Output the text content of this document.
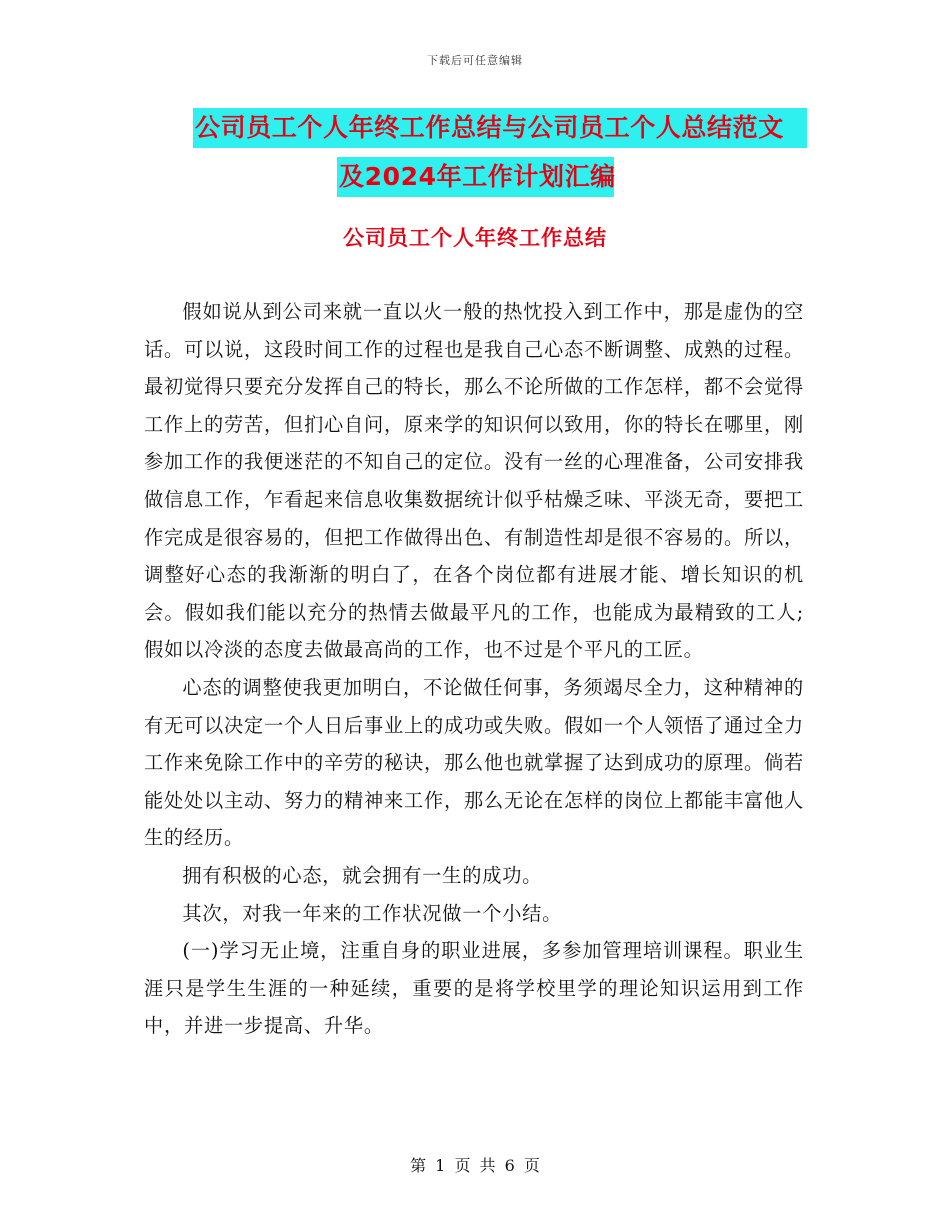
下载后可任意编辑
公司员工个人年终工作总结与公司员工个人总结范文
及2024年工作计划汇编
公司员工个人年终工作总结

假如说从到公司来就一直以火一般的热忱投入到工作中，那是虚伪的空话。可以说，这段时间工作的过程也是我自己心态不断调整、成熟的过程。最初觉得只要充分发挥自己的特长，那么不论所做的工作怎样，都不会觉得工作上的劳苦，但扪心自问，原来学的知识何以致用，你的特长在哪里，刚参加工作的我便迷茫的不知自己的定位。没有一丝的心理准备，公司安排我做信息工作，乍看起来信息收集数据统计似乎枯燥乏味、平淡无奇，要把工作完成是很容易的，但把工作做得出色、有制造性却是很不容易的。所以，调整好心态的我渐渐的明白了，在各个岗位都有进展才能、增长知识的机会。假如我们能以充分的热情去做最平凡的工作，也能成为最精致的工人;假如以冷淡的态度去做最高尚的工作，也不过是个平凡的工匠。

心态的调整使我更加明白，不论做任何事，务须竭尽全力，这种精神的有无可以决定一个人日后事业上的成功或失败。假如一个人领悟了通过全力工作来免除工作中的辛劳的秘诀，那么他也就掌握了达到成功的原理。倘若能处处以主动、努力的精神来工作，那么无论在怎样的岗位上都能丰富他人生的经历。

拥有积极的心态，就会拥有一生的成功。

其次，对我一年来的工作状况做一个小结。

(一)学习无止境，注重自身的职业进展，多参加管理培训课程。职业生涯只是学生生涯的一种延续，重要的是将学校里学的理论知识运用到工作中，并进一步提高、升华。

第 1 页 共 6 页
